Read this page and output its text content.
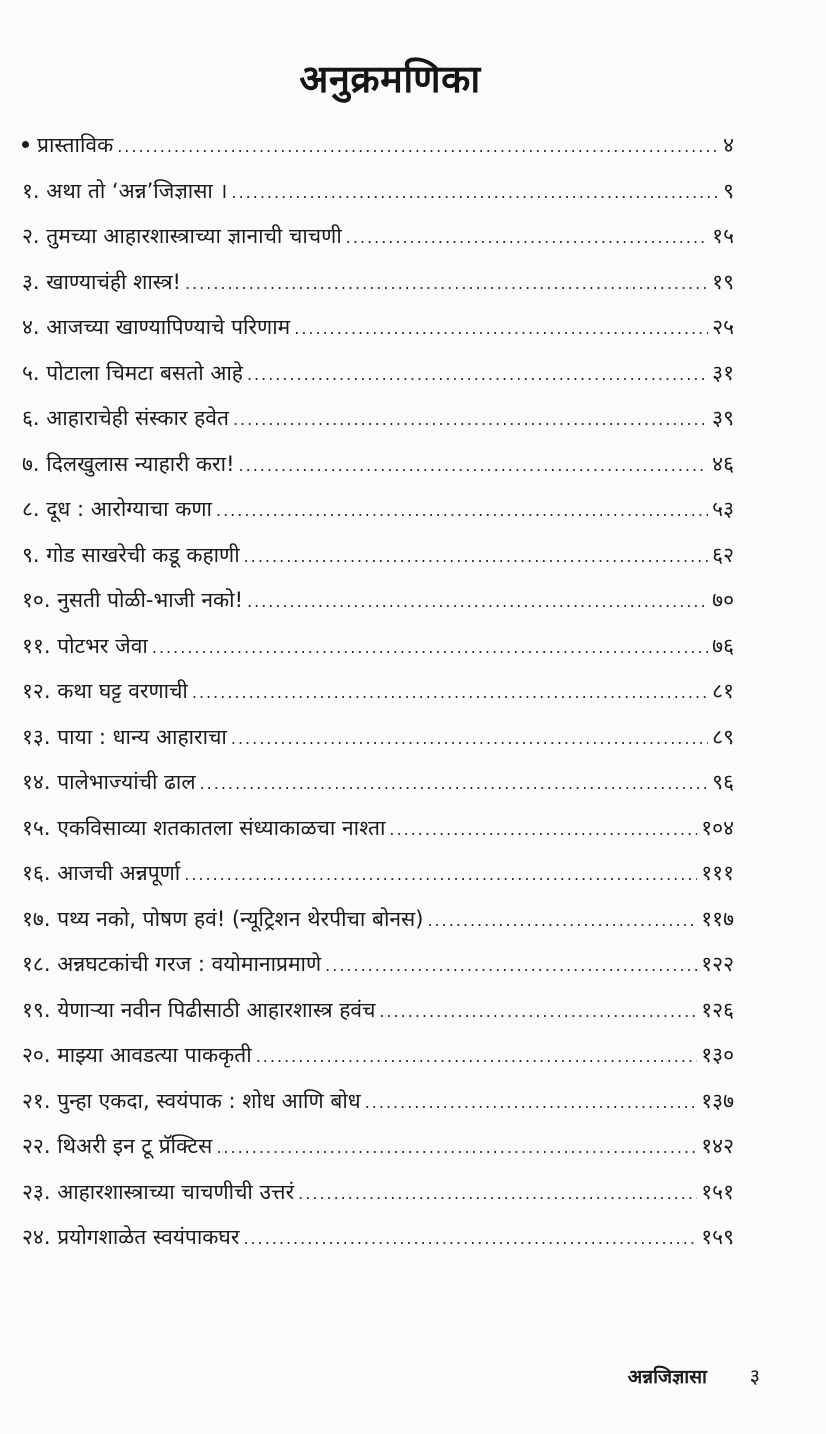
अनुक्रमणिका
प्रास्ताविक .....	४
१. अथा तो ‘अन्न’जिज्ञासा । .....	९
२. तुमच्या आहारशास्त्राच्या ज्ञानाची चाचणी .....	१५
३. खाण्याचंही शास्त्र! .....	१९
४. आजच्या खाण्यापिण्याचे परिणाम .....	२५
५. पोटाला चिमटा बसतो आहे .....	३१
६. आहाराचेही संस्कार हवेत .....	३९
७. दिलखुलास न्याहारी करा! .....	४६
८. दूध : आरोग्याचा कणा .....	५३
९. गोड साखरेची कडू कहाणी .....	६२
१०. नुसती पोळी-भाजी नको! .....	७०
११. पोटभर जेवा .....	७६
१२. कथा घट्ट वरणाची .....	८१
१३. पाया : धान्य आहाराचा .....	८९
१४. पालेभाज्यांची ढाल .....	९६
१५. एकविसाव्या शतकातला संध्याकाळचा नाश्ता .....	१०४
१६. आजची अन्नपूर्णा .....	१११
१७. पथ्य नको, पोषण हवं! (न्यूट्रिशन थेरपीचा बोनस) .....	११७
१८. अन्नघटकांची गरज : वयोमानाप्रमाणे .....	१२२
१९. येणाऱ्या नवीन पिढीसाठी आहारशास्त्र हवंच .....	१२६
२०. माझ्या आवडत्या पाककृती .....	१३०
२१. पुन्हा एकदा, स्वयंपाक : शोध आणि बोध .....	१३७
२२. थिअरी इन टू प्रॅक्टिस .....	१४२
२३. आहारशास्त्राच्या चाचणीची उत्तरं .....	१५१
२४. प्रयोगशाळेत स्वयंपाकघर .....	१५९
अन्नजिज्ञासा ३
